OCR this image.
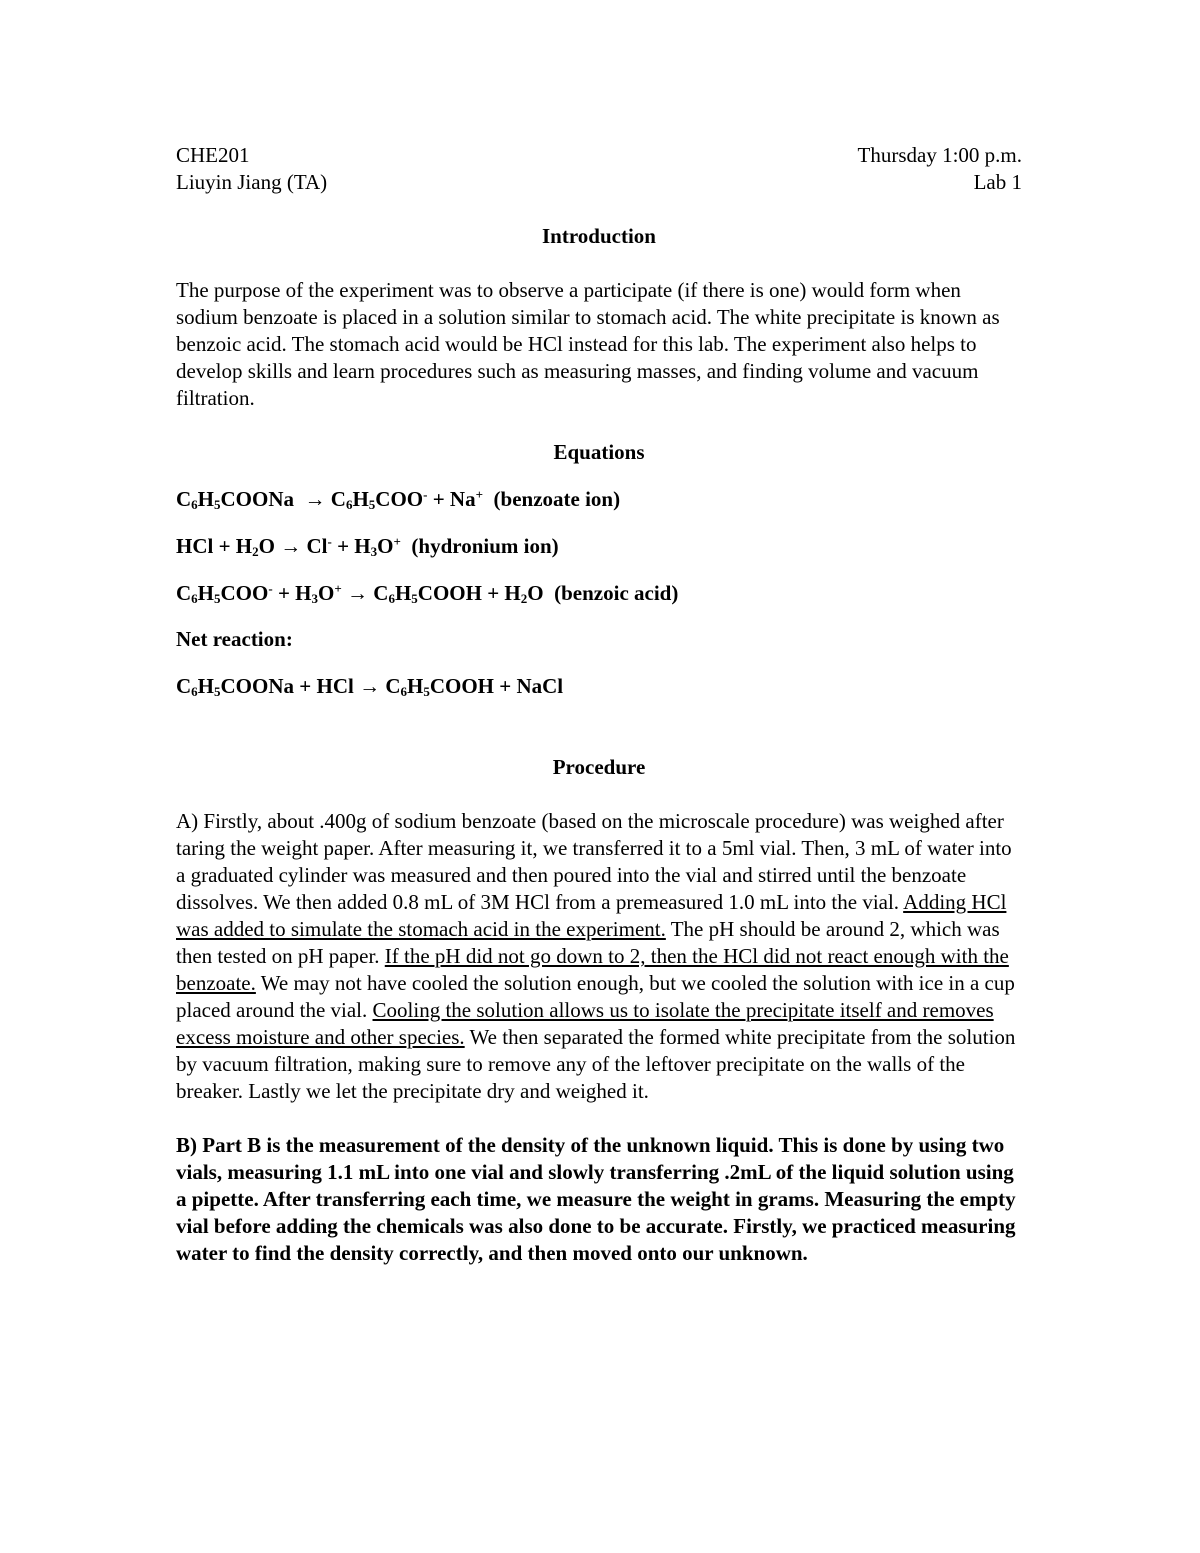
CHE201	Thursday 1:00 p.m.
Liuyin Jiang (TA)	Lab 1
Introduction
The purpose of the experiment was to observe a participate (if there is one) would form when sodium benzoate is placed in a solution similar to stomach acid. The white precipitate is known as benzoic acid. The stomach acid would be HCl instead for this lab. The experiment also helps to develop skills and learn procedures such as measuring masses, and finding volume and vacuum filtration.
Equations
$C_6H_5COONa \to C_6H_5COO^- + Na^+$ (benzoate ion)
HCl + $H_2O \to Cl^- + H_3O^+$ (hydronium ion)
$C_6H_5COO^- + H_3O^+$ → $C_6H_5COOH + H_2O$  (benzoic acid)
Net reaction:
$C_6H_5COONa$ + HCl → $C_6H_5COOH$ + NaCl
Procedure
A) Firstly, about .400g of sodium benzoate (based on the microscale procedure) was weighed after taring the weight paper. After measuring it, we transferred it to a 5ml vial. Then, 3 mL of water into a graduated cylinder was measured and then poured into the vial and stirred until the benzoate dissolves. We then added 0.8 mL of 3M HCl from a premeasured 1.0 mL into the vial. Adding HCl was added to simulate the stomach acid in the experiment. The pH should be around 2, which was then tested on pH paper. If the pH did not go down to 2, then the HCl did not react enough with the benzoate. We may not have cooled the solution enough, but we cooled the solution with ice in a cup placed around the vial. Cooling the solution allows us to isolate the precipitate itself and removes excess moisture and other species. We then separated the formed white precipitate from the solution by vacuum filtration, making sure to remove any of the leftover precipitate on the walls of the breaker. Lastly we let the precipitate dry and weighed it.
B) Part B is the measurement of the density of the unknown liquid. This is done by using two vials, measuring 1.1 mL into one vial and slowly transferring .2mL of the liquid solution using a pipette. After transferring each time, we measure the weight in grams. Measuring the empty vial before adding the chemicals was also done to be accurate. Firstly, we practiced measuring water to find the density correctly, and then moved onto our unknown.
